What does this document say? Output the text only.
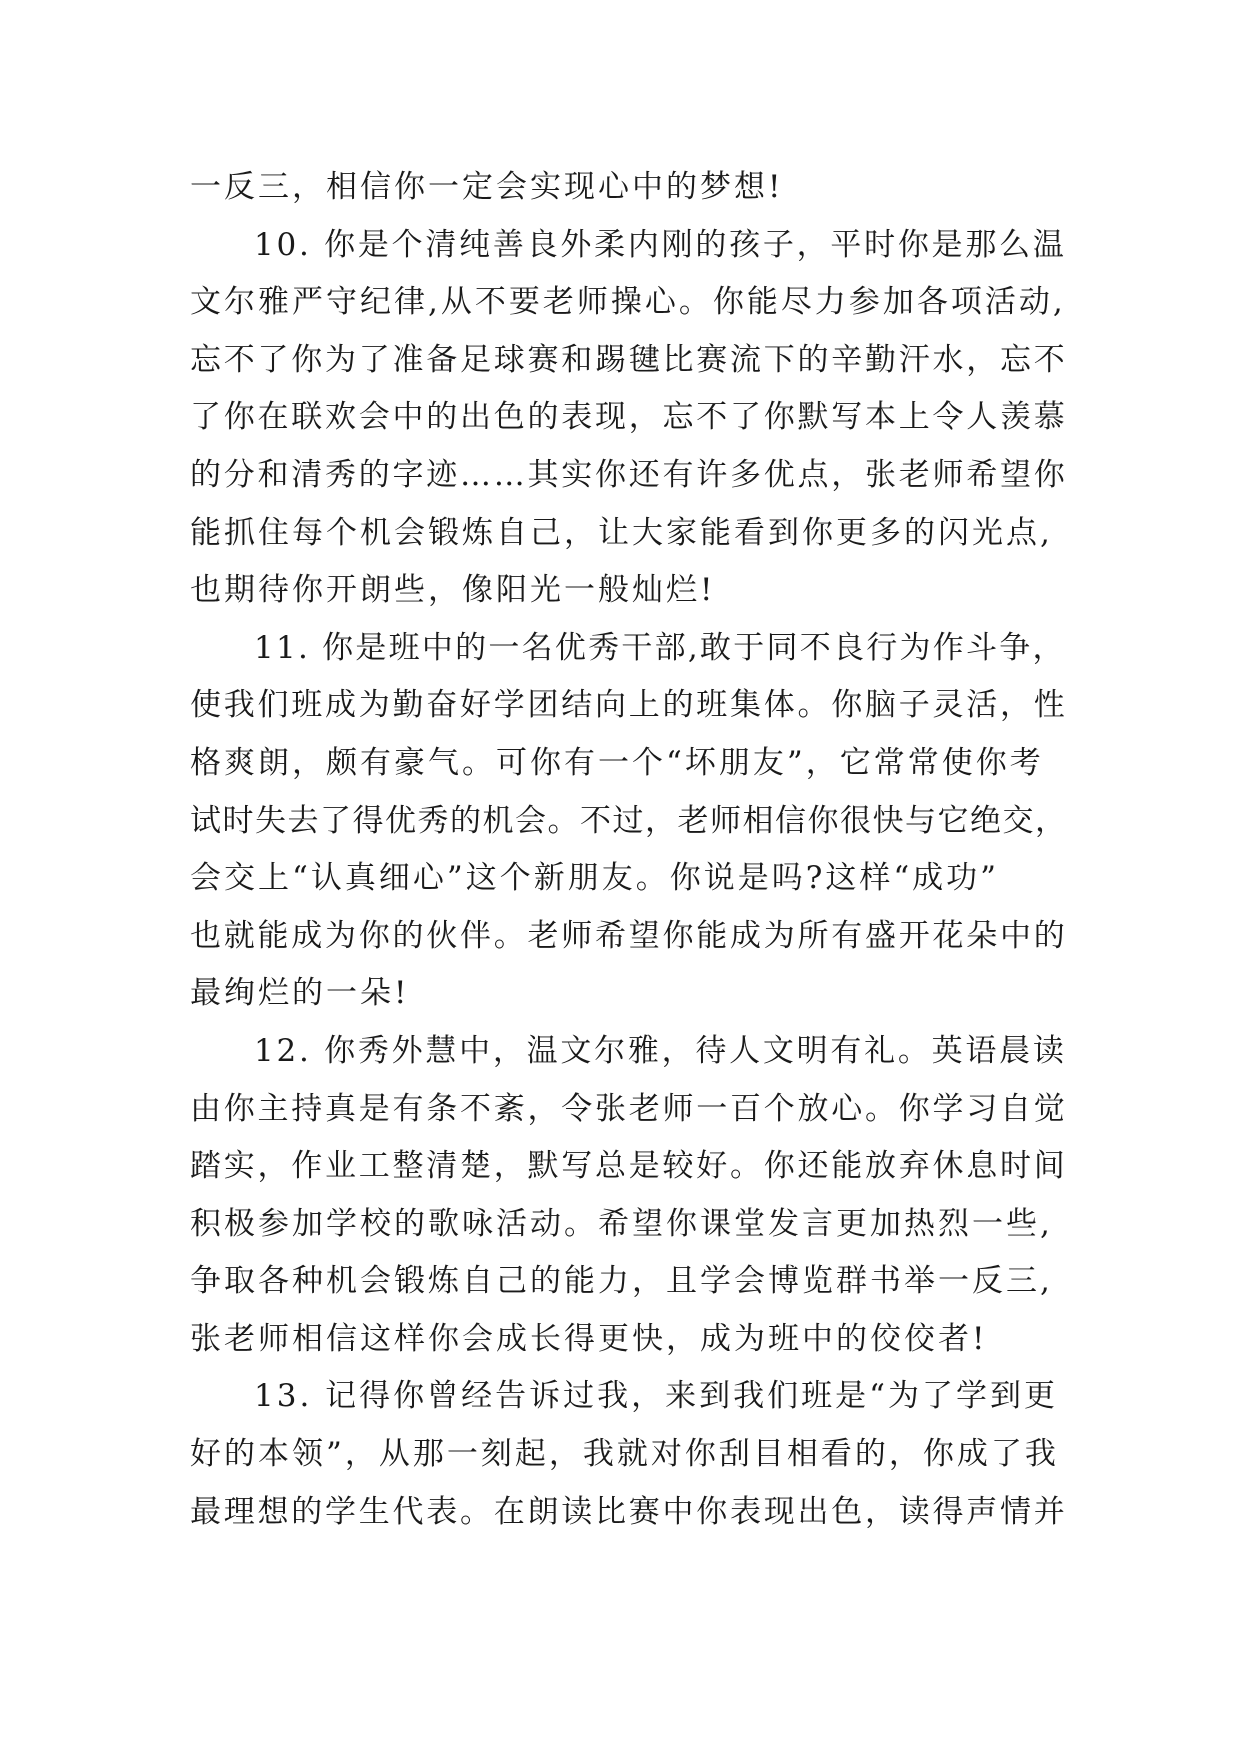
一反三，相信你一定会实现心中的梦想!
10. 你是个清纯善良外柔内刚的孩子，平时你是那么温
文尔雅严守纪律,从不要老师操心。你能尽力参加各项活动,
忘不了你为了准备足球赛和踢毽比赛流下的辛勤汗水，忘不
了你在联欢会中的出色的表现，忘不了你默写本上令人羡慕
的分和清秀的字迹……其实你还有许多优点，张老师希望你
能抓住每个机会锻炼自己，让大家能看到你更多的闪光点,
也期待你开朗些，像阳光一般灿烂!
11. 你是班中的一名优秀干部,敢于同不良行为作斗争，
使我们班成为勤奋好学团结向上的班集体。你脑子灵活，性
格爽朗，颇有豪气。可你有一个“坏朋友”，它常常使你考
试时失去了得优秀的机会。不过，老师相信你很快与它绝交，
会交上“认真细心”这个新朋友。你说是吗?这样“成功”
也就能成为你的伙伴。老师希望你能成为所有盛开花朵中的
最绚烂的一朵!
12. 你秀外慧中，温文尔雅，待人文明有礼。英语晨读
由你主持真是有条不紊，令张老师一百个放心。你学习自觉
踏实，作业工整清楚，默写总是较好。你还能放弃休息时间
积极参加学校的歌咏活动。希望你课堂发言更加热烈一些,
争取各种机会锻炼自己的能力，且学会博览群书举一反三,
张老师相信这样你会成长得更快，成为班中的佼佼者!
13. 记得你曾经告诉过我，来到我们班是“为了学到更
好的本领”，从那一刻起，我就对你刮目相看的，你成了我
最理想的学生代表。在朗读比赛中你表现出色，读得声情并
